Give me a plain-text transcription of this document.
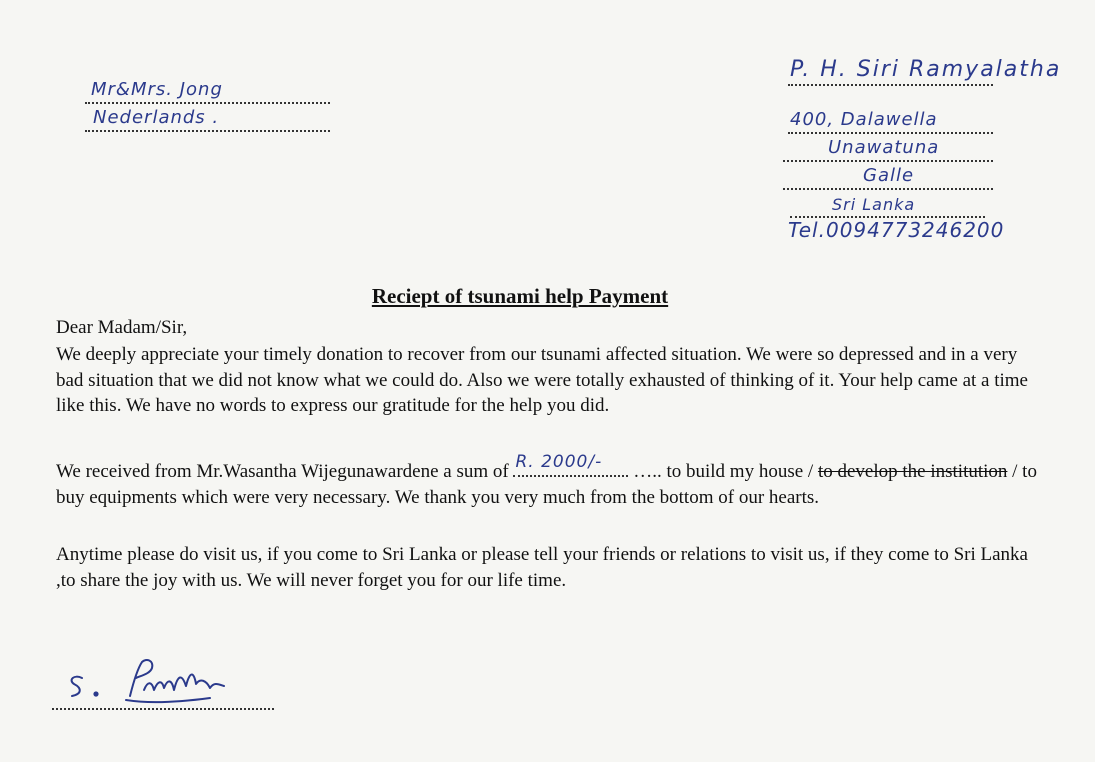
Mr&Mrs. Jong
Nederlands .
P. H. Siri Ramyalatha
400, Dalawella
Unawatuna
Galle
Sri Lanka
Tel.0094773246200
Reciept of tsunami help Payment
Dear Madam/Sir,
We deeply appreciate your timely donation to recover from our tsunami affected situation. We were so depressed and in a very bad situation that we did not know what we could do. Also we were totally exhausted of thinking of it. Your help came at a time like this. We have no words to express our gratitude for the help you did.
We received from Mr.Wasantha Wijegunawardene a sum of R. 2000/- ….. to build my house / to develop the institution / to buy equipments which were very necessary. We thank you very much from the bottom of our hearts.
Anytime please do visit us, if you come to Sri Lanka or please tell your friends or relations to visit us, if they come to Sri Lanka ,to share the joy with us. We will never forget you for our life time.
